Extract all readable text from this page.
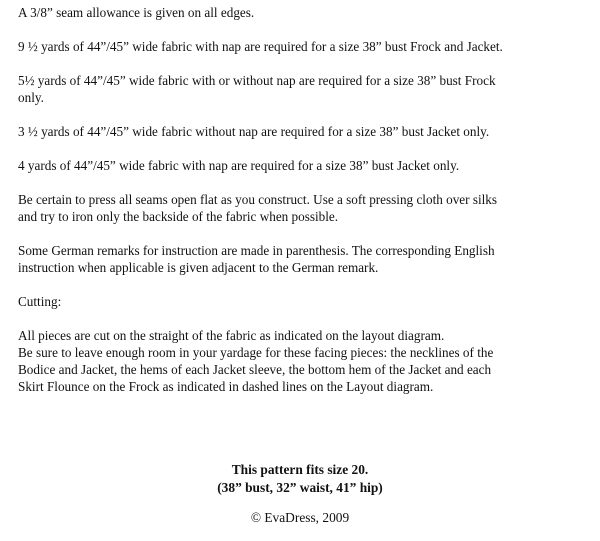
A 3/8” seam allowance is given on all edges.

9 ½ yards of 44”/45” wide fabric with nap are required for a size 38” bust Frock and Jacket.

5½ yards of 44”/45” wide fabric with or without nap are required for a size 38” bust Frock
only.

3 ½ yards of 44”/45” wide fabric without nap are required for a size 38” bust Jacket only.

4 yards of 44”/45” wide fabric with nap are required for a size 38” bust Jacket only.

Be certain to press all seams open flat as you construct. Use a soft pressing cloth over silks
and try to iron only the backside of the fabric when possible.

Some German remarks for instruction are made in parenthesis. The corresponding English
instruction when applicable is given adjacent to the German remark.

Cutting:

All pieces are cut on the straight of the fabric as indicated on the layout diagram.
Be sure to leave enough room in your yardage for these facing pieces: the necklines of the
Bodice and Jacket, the hems of each Jacket sleeve, the bottom hem of the Jacket and each
Skirt Flounce on the Frock as indicated in dashed lines on the Layout diagram.

This pattern fits size 20.
(38” bust, 32” waist, 41” hip)
© EvaDress, 2009
